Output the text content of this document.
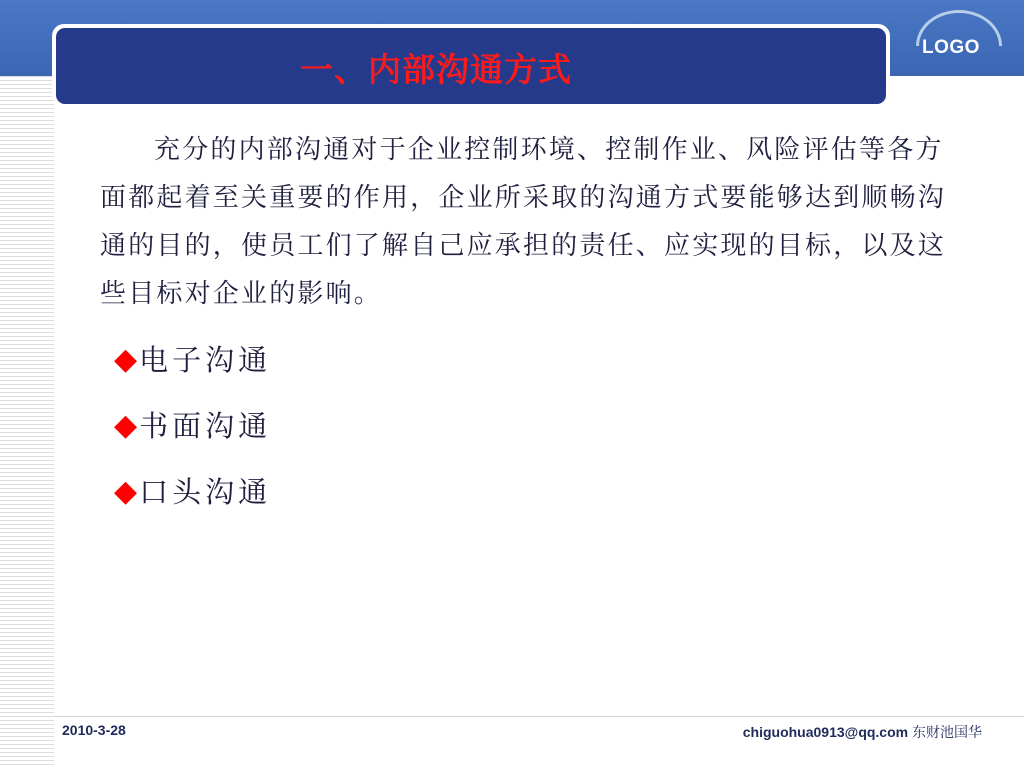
一、内部沟通方式
LOGO
充分的内部沟通对于企业控制环境、控制作业、风险评估等各方面都起着至关重要的作用，企业所采取的沟通方式要能够达到顺畅沟通的目的，使员工们了解自己应承担的责任、应实现的目标，以及这些目标对企业的影响。
◆ 电子沟通
◆ 书面沟通
◆ 口头沟通
2010-3-28	chiguohua0913@qq.com 东财池国华
